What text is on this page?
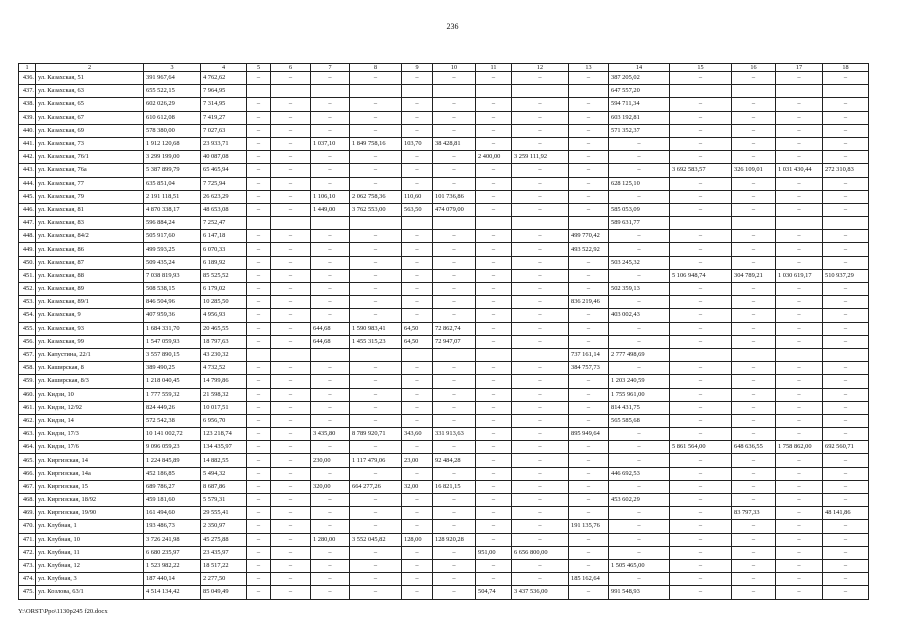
236
1	2	3	4	5	6	7	8	9	10	11	12	13	14	15	16	17	18
436.	ул. Казахская, 51	391 967,64	4 762,62	–	–	–	–	–	–	–	–	–	387 205,02	–	–	–	–
437.	ул. Казахская, 63	655 522,15	7 964,95										647 557,20				
438.	ул. Казахская, 65	602 026,29	7 314,95	–	–	–	–	–	–	–	–	–	594 711,34	–	–	–	–
439.	ул. Казахская, 67	610 612,08	7 419,27	–	–	–	–	–	–	–	–	–	603 192,81	–	–	–	–
440.	ул. Казахская, 69	578 380,00	7 027,63	–	–	–	–	–	–	–	–	–	571 352,37	–	–	–	–
441.	ул. Казахская, 73	1 912 120,68	23 933,71	–	–	1 037,10	1 849 758,16	103,70	38 428,81	–	–	–	–	–	–	–	–
442.	ул. Казахская, 76/1	3 299 199,00	40 087,08	–	–	–	–	–	–	2 400,00	3 259 111,92	–	–	–	–	–	–
443.	ул. Казахская, 76а	5 387 899,79	65 465,94	–	–	–	–	–	–	–	–	–	–	3 692 583,57	326 109,01	1 031 430,44	272 310,83
444.	ул. Казахская, 77	635 851,04	7 725,94	–	–	–	–	–	–	–	–	–	628 125,10	–	–	–	–
445.	ул. Казахская, 79	2 191 118,51	26 623,29	–	–	1 106,10	2 062 758,36	110,60	101 736,86	–	–	–	–	–	–	–	–
446.	ул. Казахская, 81	4 870 338,17	48 653,08	–	–	1 449,00	3 762 553,00	563,50	474 079,00	–	–	–	585 053,09	–	–	–	–
447.	ул. Казахская, 83	596 884,24	7 252,47										589 631,77				
448.	ул. Казахская, 84/2	505 917,60	6 147,18	–	–	–	–	–	–	–	–	499 770,42	–	–	–	–	–
449.	ул. Казахская, 86	499 593,25	6 070,33	–	–	–	–	–	–	–	–	493 522,92	–	–	–	–	–
450.	ул. Казахская, 87	509 435,24	6 189,92	–	–	–	–	–	–	–	–	–	503 245,32	–	–	–	–
451.	ул. Казахская, 88	7 038 819,93	85 525,52	–	–	–	–	–	–	–	–	–	–	5 106 948,74	304 789,21	1 030 619,17	510 937,29
452.	ул. Казахская, 89	508 538,15	6 179,02	–	–	–	–	–	–	–	–	–	502 359,13	–	–	–	–
453.	ул. Казахская, 89/1	846 504,96	10 285,50	–	–	–	–	–	–	–	–	836 219,46	–	–	–	–	–
454.	ул. Казахская, 9	407 959,36	4 956,93	–	–	–	–	–	–	–	–	–	403 002,43	–	–	–	–
455.	ул. Казахская, 93	1 684 331,70	20 465,55	–	–	644,68	1 590 983,41	64,50	72 862,74	–	–	–	–	–	–	–	–
456.	ул. Казахская, 99	1 547 059,93	18 797,63	–	–	644,68	1 455 315,23	64,50	72 947,07	–	–	–	–	–	–	–	–
457.	ул. Капустина, 22/1	3 557 890,15	43 230,32									737 161,14	2 777 498,69				
458.	ул. Каширская, 8	389 490,25	4 732,52	–	–	–	–	–	–	–	–	384 757,73	–	–	–	–	–
459.	ул. Каширская, 8/3	1 218 040,45	14 799,86	–	–	–	–	–	–	–	–	–	1 203 240,59	–	–	–	–
460.	ул. Кидзи, 10	1 777 559,32	21 598,32	–	–	–	–	–	–	–	–	–	1 755 961,00	–	–	–	–
461.	ул. Кидзи, 12/92	824 449,26	10 017,51	–	–	–	–	–	–	–	–	–	814 431,75	–	–	–	–
462.	ул. Кидзи, 14	572 542,38	6 956,70	–	–	–	–	–	–	–	–	–	565 585,68	–	–	–	–
463.	ул. Кидзи, 17/3	10 141 002,72	123 218,74	–	–	3 435,80	8 789 920,71	343,60	331 913,63	–	–	895 949,64	–	–	–	–	–
464.	ул. Кидзи, 17/6	9 096 059,23	134 435,97	–	–	–	–	–	–	–	–	–	–	5 861 564,00	648 636,55	1 758 862,00	692 560,71
465.	ул. Киргизская, 14	1 224 845,89	14 882,55	–	–	230,00	1 117 479,06	23,00	92 484,28	–	–	–	–	–	–	–	–
466.	ул. Киргизская, 14а	452 186,85	5 494,32	–	–	–	–	–	–	–	–	–	446 692,53	–	–	–	–
467.	ул. Киргизская, 15	689 786,27	8 687,86	–	–	320,00	664 277,26	32,00	16 821,15	–	–	–	–	–	–	–	–
468.	ул. Киргизская, 18/92	459 181,60	5 579,31	–	–	–	–	–	–	–	–	–	453 602,29	–	–	–	–
469.	ул. Киргизская, 19/90	161 494,60	29 555,41	–	–	–	–	–	–	–	–	–	–	–	83 797,33	–	48 141,86
470.	ул. Клубная, 1	193 486,73	2 350,97	–	–	–	–	–	–	–	–	191 135,76	–	–	–	–	–
471.	ул. Клубная, 10	3 726 241,98	45 275,88	–	–	1 280,00	3 552 045,82	128,00	128 920,28	–	–	–	–	–	–	–	–
472.	ул. Клубная, 11	6 680 235,97	23 435,97	–	–	–	–	–	–	951,00	6 656 800,00	–	–	–	–	–	–
473.	ул. Клубная, 12	1 523 982,22	18 517,22	–	–	–	–	–	–	–	–	–	1 505 465,00	–	–	–	–
474.	ул. Клубная, 3	187 440,14	2 277,50	–	–	–	–	–	–	–	–	185 162,64	–	–	–	–	–
475.	ул. Козлова, 63/1	4 514 134,42	85 049,49	–	–	–	–	–	–	504,74	3 437 536,00	–	991 548,93	–	–	–	–
Y:\ORST\Ppo\1130p245 f20.docx
